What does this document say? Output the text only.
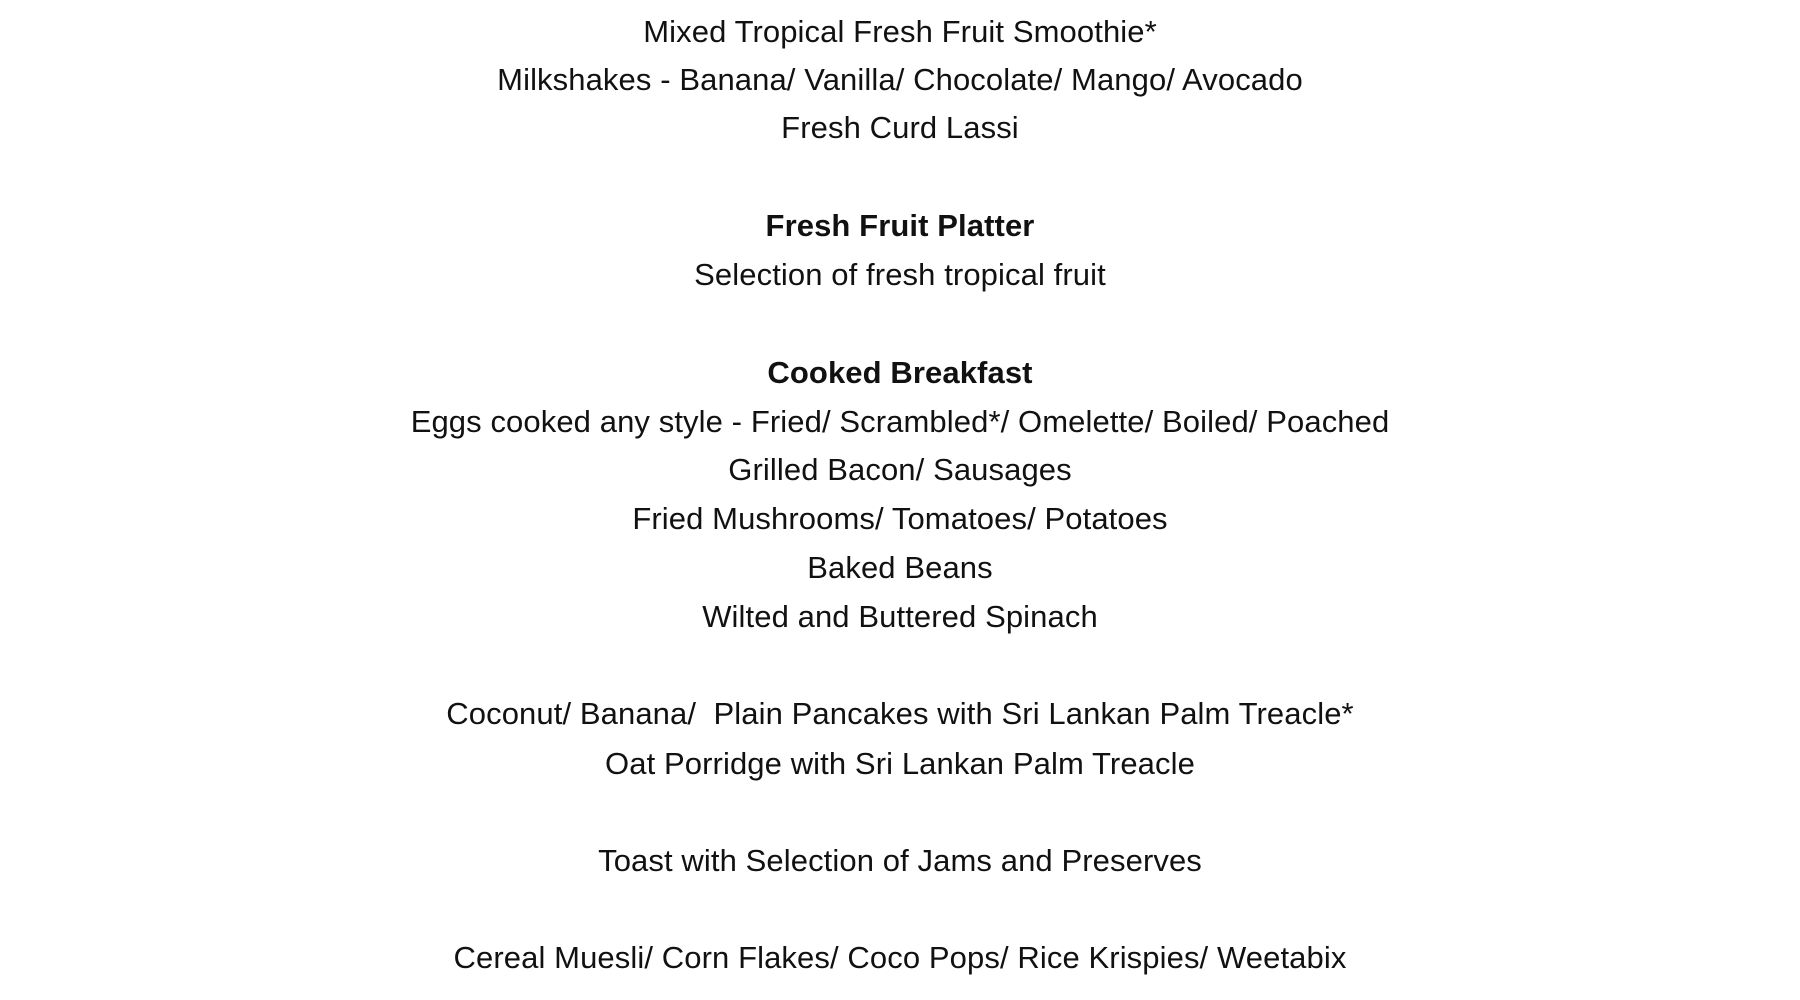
Mixed Tropical Fresh Fruit Smoothie*
Milkshakes - Banana/ Vanilla/ Chocolate/ Mango/ Avocado
Fresh Curd Lassi
Fresh Fruit Platter
Selection of fresh tropical fruit
Cooked Breakfast
Eggs cooked any style - Fried/ Scrambled*/ Omelette/ Boiled/ Poached
Grilled Bacon/ Sausages
Fried Mushrooms/ Tomatoes/ Potatoes
Baked Beans
Wilted and Buttered Spinach
Coconut/ Banana/  Plain Pancakes with Sri Lankan Palm Treacle*
Oat Porridge with Sri Lankan Palm Treacle
Toast with Selection of Jams and Preserves
Cereal Muesli/ Corn Flakes/ Coco Pops/ Rice Krispies/ Weetabix
